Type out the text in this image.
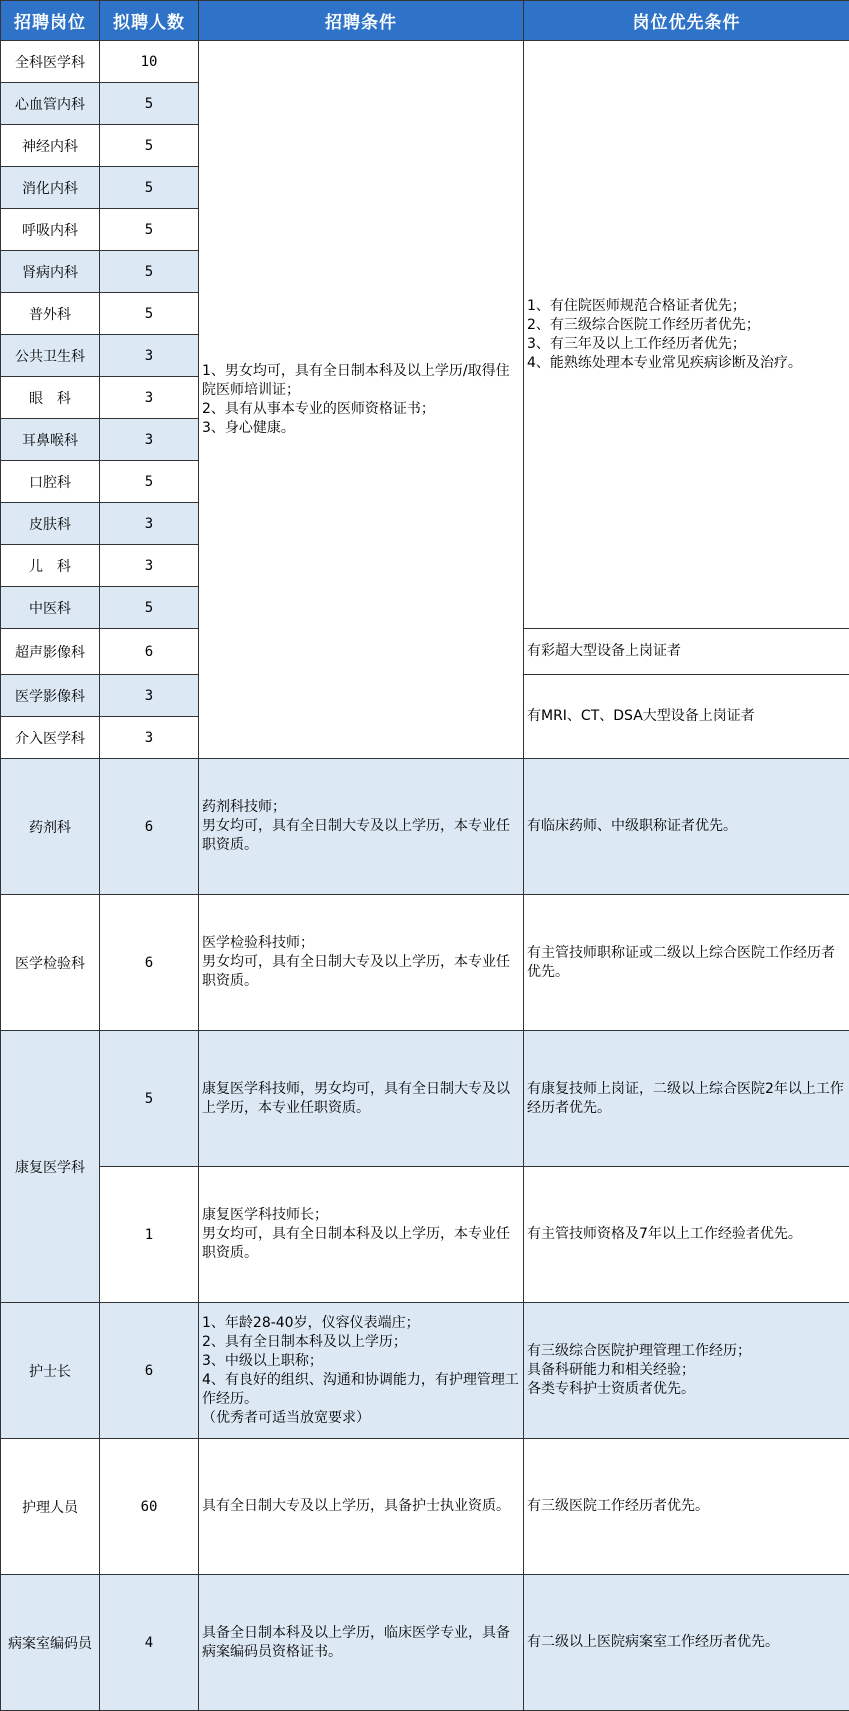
招聘岗位	拟聘人数	招聘条件	岗位优先条件
全科医学科	10	1、男女均可，具有全日制本科及以上学历/取得住院医师培训证；
2、具有从事本专业的医师资格证书；
3、身心健康。	1、有住院医师规范合格证者优先；
2、有三级综合医院工作经历者优先；
3、有三年及以上工作经历者优先；
4、能熟练处理本专业常见疾病诊断及治疗。
心血管内科	5		
神经内科	5		
消化内科	5		
呼吸内科	5		
肾病内科	5		
普外科	5		
公共卫生科	3		
眼　科	3		
耳鼻喉科	3		
口腔科	5		
皮肤科	3		
儿　科	3		
中医科	5		
超声影像科	6		有彩超大型设备上岗证者
医学影像科	3		有MRI、CT、DSA大型设备上岗证者
介入医学科	3		
药剂科	6	药剂科技师；
男女均可，具有全日制大专及以上学历，本专业任职资质。	有临床药师、中级职称证者优先。
医学检验科	6	医学检验科技师；
男女均可，具有全日制大专及以上学历，本专业任职资质。	有主管技师职称证或二级以上综合医院工作经历者优先。
康复医学科	5	康复医学科技师，男女均可，具有全日制大专及以上学历，本专业任职资质。	有康复技师上岗证，二级以上综合医院2年以上工作经历者优先。
	1	康复医学科技师长；
男女均可，具有全日制本科及以上学历，本专业任职资质。	有主管技师资格及7年以上工作经验者优先。
护士长	6	1、年龄28-40岁，仪容仪表端庄；
2、具有全日制本科及以上学历；
3、中级以上职称；
4、有良好的组织、沟通和协调能力，有护理管理工作经历。
（优秀者可适当放宽要求）	有三级综合医院护理管理工作经历；
具备科研能力和相关经验；
各类专科护士资质者优先。
护理人员	60	具有全日制大专及以上学历，具备护士执业资质。	有三级医院工作经历者优先。
病案室编码员	4	具备全日制本科及以上学历，临床医学专业，具备病案编码员资格证书。	有二级以上医院病案室工作经历者优先。
